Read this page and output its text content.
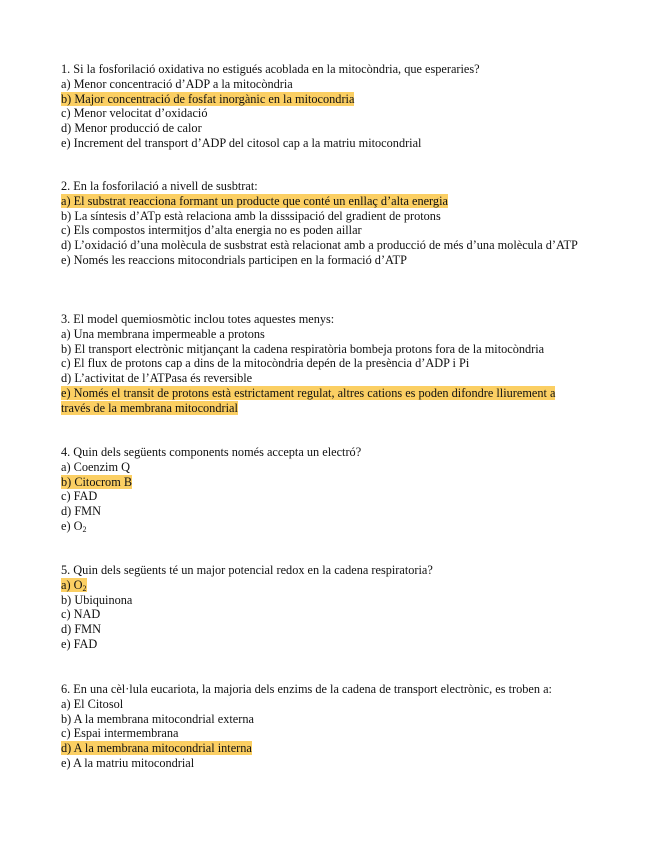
1. Si la fosforilació oxidativa no estigués acoblada en la mitocòndria, que esperaries?
a) Menor concentració d’ADP a la mitocòndria
b) Major concentració de fosfat inorgànic en la mitocondria
c) Menor velocitat d’oxidació
d) Menor producció de calor
e) Increment del transport d’ADP del citosol cap a la matriu mitocondrial
2. En la fosforilació a nivell de susbtrat:
a) El substrat reacciona formant un producte que conté un enllaç d’alta energia
b) La síntesis d’ATp està relaciona amb la disssipació del gradient de protons
c) Els compostos intermitjos d’alta energia no es poden aillar
d) L’oxidació d’una molècula de susbstrat està relacionat amb a producció de més d’una molècula d’ATP
e) Només les reaccions mitocondrials participen en la formació d’ATP
3. El model quemiosmòtic inclou totes aquestes menys:
a) Una membrana impermeable a protons
b) El transport electrònic mitjançant la cadena respiratòria bombeja protons fora de la mitocòndria
c) El flux de protons cap a dins de la mitocòndria depén de la presència d’ADP i Pi
d) L’activitat de l’ATPasa és reversible
e) Només el transit de protons està estrictament regulat, altres cations es poden difondre lliurement a través de la membrana mitocondrial
4. Quin dels següents components només accepta un electró?
a) Coenzim Q
b) Citocrom B
c) FAD
d) FMN
e) $O_2$
5. Quin dels següents té un major potencial redox en la cadena respiratoria?
a) $O_2$
b) Ubiquinona
c) NAD
d) FMN
e) FAD
6. En una cèl·lula eucariota, la majoria dels enzims de la cadena de transport electrònic, es troben a:
a) El Citosol
b) A la membrana mitocondrial externa
c) Espai intermembrana
d) A la membrana mitocondrial interna
e) A la matriu mitocondrial
